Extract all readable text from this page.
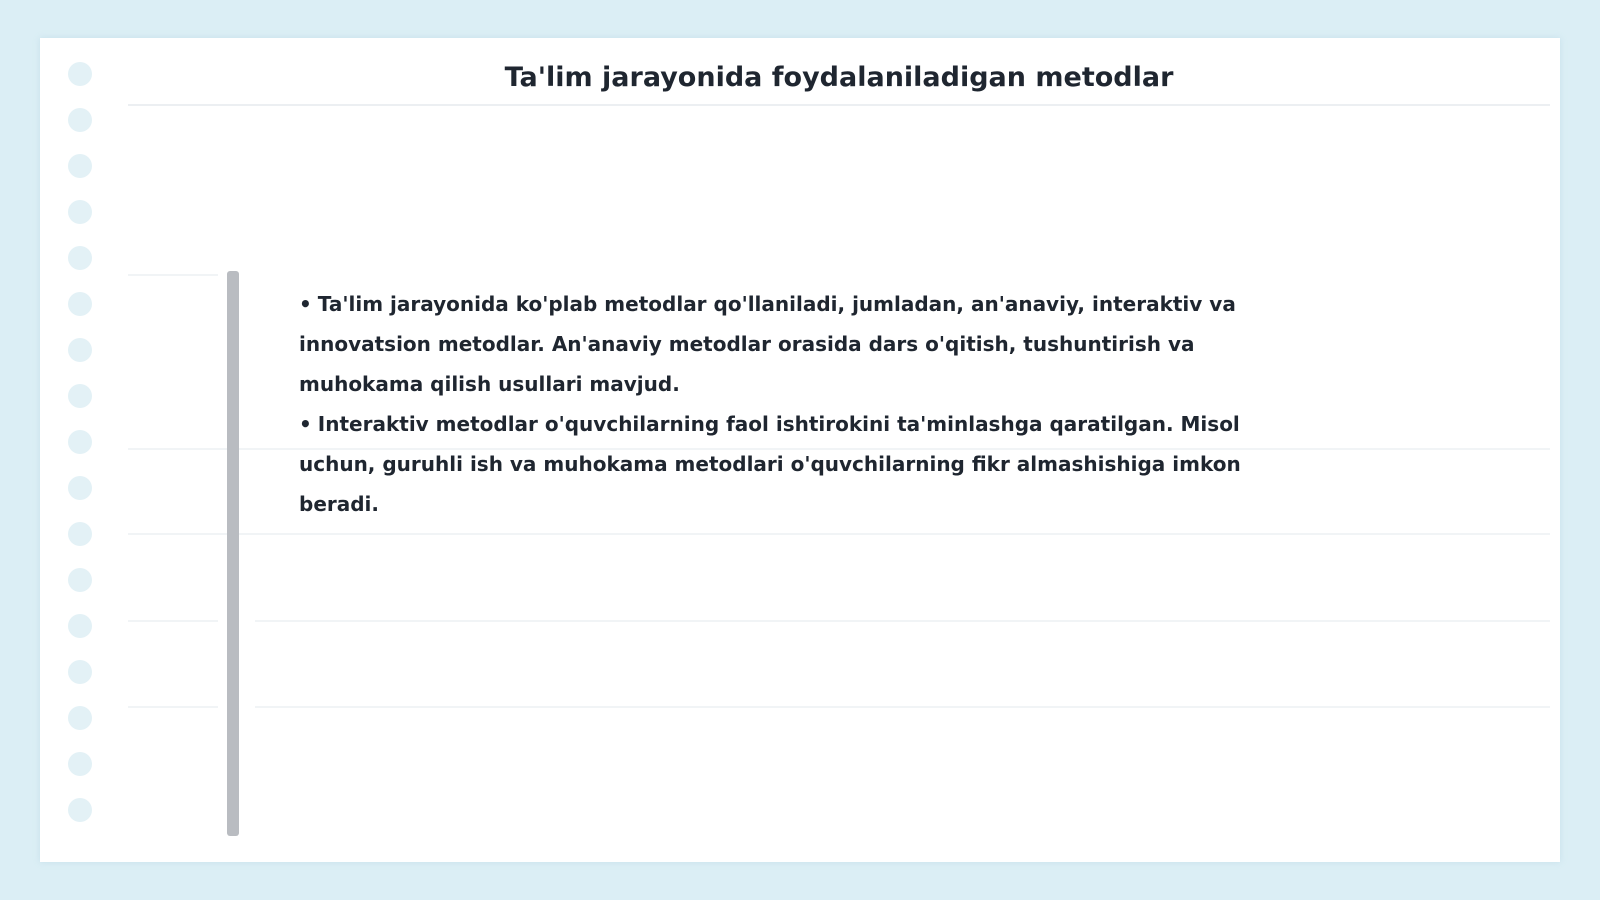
Ta'lim jarayonida foydalaniladigan metodlar

• Ta'lim jarayonida ko'plab metodlar qo'llaniladi, jumladan, an'anaviy, interaktiv va innovatsion metodlar. An'anaviy metodlar orasida dars o'qitish, tushuntirish va muhokama qilish usullari mavjud.

• Interaktiv metodlar o'quvchilarning faol ishtirokini ta'minlashga qaratilgan. Misol uchun, guruhli ish va muhokama metodlari o'quvchilarning fikr almashishiga imkon beradi.
